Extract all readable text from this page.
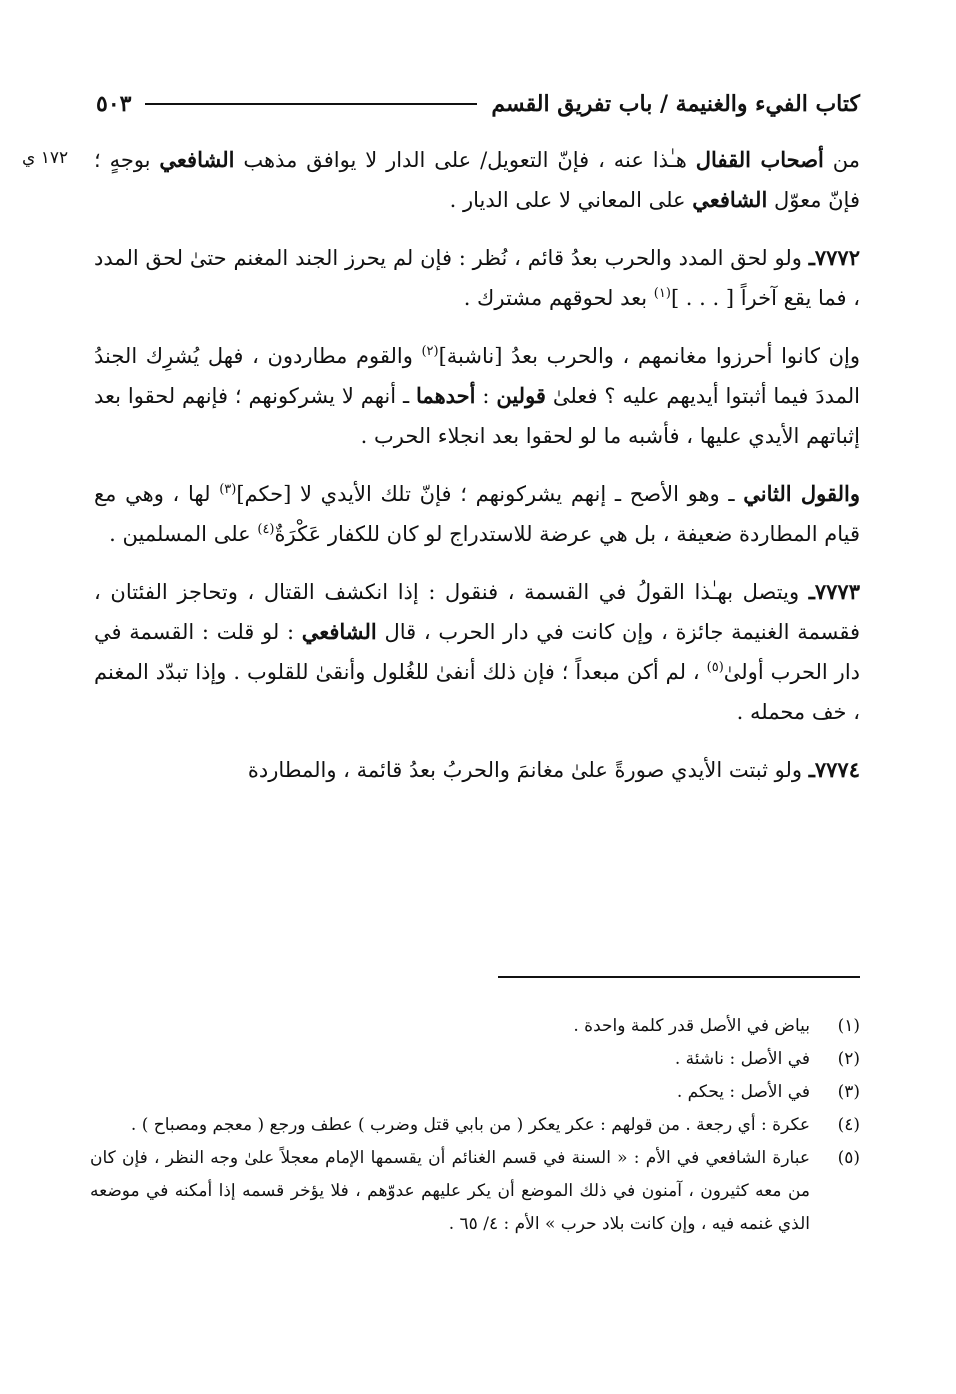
كتاب الفيء والغنيمة / باب تفريق القسم
٥٠٣
١٧٢ ي	من أصحاب القفال هـٰذا عنه ، فإنّ التعويل/ على الدار لا يوافق مذهب الشافعي بوجهٍ ؛ فإنّ معوّل الشافعي على المعاني لا على الديار .

٧٧٧٢ـ ولو لحق المدد والحرب بعدُ قائم ، نُظر : فإن لم يحرز الجند المغنم حتىٰ لحق المدد ، فما يقع آخراً [ . . . ]$^{(١)}$ بعد لحوقهم مشترك .

وإن كانوا أحرزوا مغانمهم ، والحرب بعدُ [ناشبة]$^{(٢)}$ والقوم مطاردون ، فهل يُشرِك الجندُ المددَ فيما أثبتوا أيديهم عليه ؟ فعلىٰ قولين : أحدهما ـ أنهم لا يشركونهم ؛ فإنهم لحقوا بعد إثباتهم الأيدي عليها ، فأشبه ما لو لحقوا بعد انجلاء الحرب .

والقول الثاني ـ وهو الأصح ـ إنهم يشركونهم ؛ فإنّ تلك الأيدي لا [حكم]$^{(٣)}$ لها ، وهي مع قيام المطاردة ضعيفة ، بل هي عرضة للاستدراج لو كان للكفار عَكْرَةٌ$^{(٤)}$ على المسلمين .

٧٧٧٣ـ ويتصل بهـٰذا القولُ في القسمة ، فنقول : إذا انكشف القتال ، وتحاجز الفئتان ، فقسمة الغنيمة جائزة ، وإن كانت في دار الحرب ، قال الشافعي : لو قلت : القسمة في دار الحرب أولىٰ$^{(٥)}$ ، لم أكن مبعداً ؛ فإن ذلك أنفىٰ للغُلول وأنقىٰ للقلوب . وإذا تبدّد المغنم ، خف محمله .

٧٧٧٤ـ ولو ثبتت الأيدي صورةً علىٰ مغانمَ والحربُ بعدُ قائمة ، والمطاردة

(١)
بياض في الأصل قدر كلمة واحدة .
(٢)
في الأصل : ناشئة .
(٣)
في الأصل : يحكم .
(٤)
عكرة : أي رجعة . من قولهم : عكر يعكر ( من بابي قتل وضرب ) عطف ورجع ( معجم ومصباح ) .
(٥)
عبارة الشافعي في الأم : « السنة في قسم الغنائم أن يقسمها الإمام معجلاً علىٰ وجه النظر ، فإن كان من معه كثيرون ، آمنون في ذلك الموضع أن يكر عليهم عدوّهم ، فلا يؤخر قسمه إذا أمكنه في موضعه الذي غنمه فيه ، وإن كانت بلاد حرب » الأم : ٤/ ٦٥ .
